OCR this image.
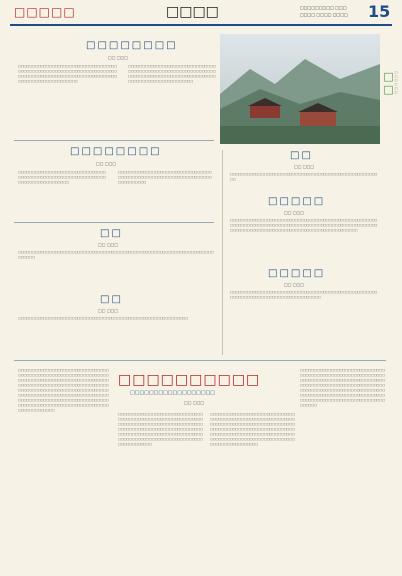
□□□□□	□□□□	□□□□□□□□□ □□□
□□□□ □□□□ □□□□ 15
□□□□□□□□
□□ □□□
□□□□□□□□□□□□□□□□□□□□□□□□□□□□□□□□□□□□□□□□□□□□□□□□□□□□□□□□□□□□□□□□□□□□□□□□□□□□□□□□□□□□□□□□□□□□□□□□□□□□□□□□□□□□□□□□□□□□□□□□□□□□□□
□□□□□□□□□□□□□□□□□□□□□□□□□□□□□□□□□□□□□□□□□□□□□□□□□□□□□□□□□□□□□□□□□□□□□□□□□□□□□□□□□□□□□□□□□□□□□□□□□□□□□□□□□□□□□□□□□□□□	□□ □□□□□□
□□□□□□□□
□□ □□□
□□□□□□□□□□□□□□□□□□□□□□□□□□□□□□□□□□□□□□□□□□□□□□□□□□□□□□□□□□□□□□□□□□□□□□□□□□□□□□□□
□□□□□□□□□□□□□□□□□□□□□□□□□□□□□□□□□□□□□□□□□□□□□□□□□□□□□□□□□□□□□□□□□□□□□□□□□□□□
□□
□□ □□□
□□□□□□□□□□□□□□□□□□□□□□□□□□□□□□□□□□□□□□□□□□□□□□□□□□□□□□
□□
□□ □□□
□□□□□□□□□□□□□□□□□□□□□□□□□□□□□□□□□□□□□□□□□□□□□□□□□□□□□□□□□□□□□□□□□□□□□□□□□□□
□□
□□ □□□
□□□□□□□□□□□□□□□□□□□□□□□□□□□□□□□□□□□□□□□□□□□□□□□□□□□□□□□□□□□□
□□□□□
□□ □□□
□□□□□□□□□□□□□□□□□□□□□□□□□□□□□□□□□□□□□□□□□□□□□□□□□□□□□□□□□□□□□□□□□□□□□□□□□□□□□□□□□□□□□□□□□□□□□□□□□□□□□□□□□□□□□□□□□□□□□□□□□□□□□□□□□□□□□□□□□□□□□□□□□□□□□
□□□□□
□□ □□□
□□□□□□□□□□□□□□□□□□□□□□□□□□□□□□□□□□□□□□□□□□□□□□□□□□□□□□□□□□□□□□□□□□□□□□□□□□□□□□□□□□□□
□□□□□□□□□□□□□□□□□□□□□□□□□□□□□□□□□□□□□□□□□□□□□□□□□□□□□□□□□□□□□□□□□□□□□□□□□□□□□□□□□□□□□□□□□□□□□□□□□□□□□□□□□□□□□□□□□□□□□□□□□□□□□□□□□□□□□□□□□□□□□□□□□□□□□□□□□□□□□□□□□□□□□□□□□□□□□□□□□□□□□□□□□□□□□□□□□□□□□□□□□□□□□□□□□□□□□□□□□□□□□□□□□□□□□□□□□□□□□□□□□□□□□□□□□□□□□□□□□□□□□□□□□□□□□
□□□□□□□□□□
□□□□□□□□□□□□□□□□□□
□□ □□□
□□□□□□□□□□□□□□□□□□□□□□□□□□□□□□□□□□□□□□□□□□□□□□□□□□□□□□□□□□□□□□□□□□□□□□□□□□□□□□□□□□□□□□□□□□□□□□□□□□□□□□□□□□□□□□□□□□□□□□□□□□□□□□□□□□□□□□□□□□□□□□□□□□□□□□□□□□□□□□□□□□□□□□□□□□□□□□□□□□□□□□□□□□□□□□□□
□□□□□□□□□□□□□□□□□□□□□□□□□□□□□□□□□□□□□□□□□□□□□□□□□□□□□□□□□□□□□□□□□□□□□□□□□□□□□□□□□□□□□□□□□□□□□□□□□□□□□□□□□□□□□□□□□□□□□□□□□□□□□□□□□□□□□□□□□□□□□□□□□□□□□□□□□□□□□□□□□□□□□□□□□□□□□□□□□□□□□□□□□□□□□□□□□□□□□
□□□□□□□□□□□□□□□□□□□□□□□□□□□□□□□□□□□□□□□□□□□□□□□□□□□□□□□□□□□□□□□□□□□□□□□□□□□□□□□□□□□□□□□□□□□□□□□□□□□□□□□□□□□□□□□□□□□□□□□□□□□□□□□□□□□□□□□□□□□□□□□□□□□□□□□□□□□□□□□□□□□□□□□□□□□□□□□□□□□□□□□□□□□□□□□□□□□□□□□□□□□□□□□□□□□□□□□□
